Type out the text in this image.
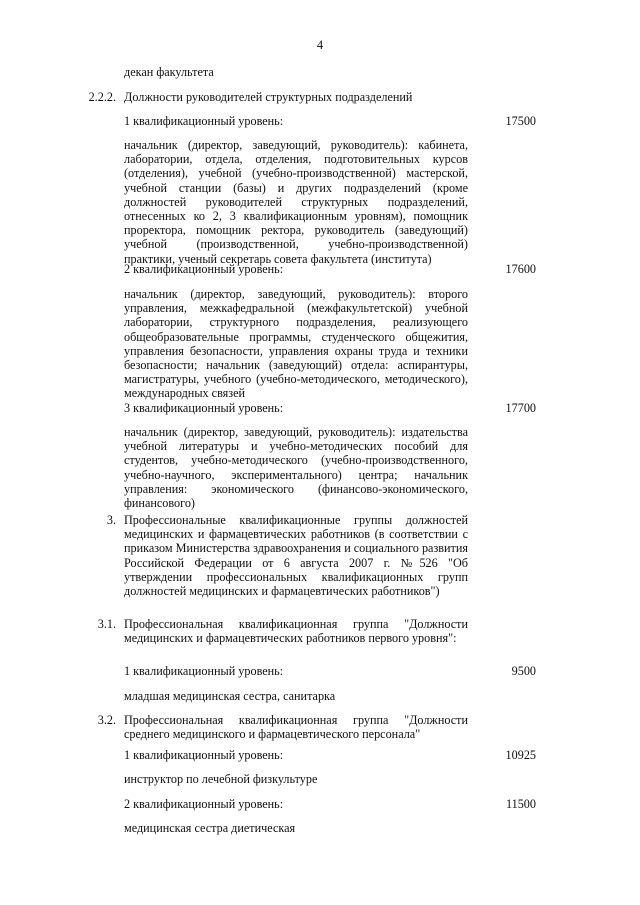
4
декан факультета
2.2.2. Должности руководителей структурных подразделений
1 квалификационный уровень:	17500
начальник (директор, заведующий, руководитель): кабинета, лаборатории, отдела, отделения, подготовительных курсов (отделения), учебной (учебно-производственной) мастерской, учебной станции (базы) и других подразделений (кроме должностей руководителей структурных подразделений, отнесенных ко 2, 3 квалификационным уровням), помощник проректора, помощник ректора, руководитель (заведующий) учебной (производственной, учебно-производственной) практики, ученый секретарь совета факультета (института)
2 квалификационный уровень:	17600
начальник (директор, заведующий, руководитель): второго управления, межкафедральной (межфакультетской) учебной лаборатории, структурного подразделения, реализующего общеобразовательные программы, студенческого общежития, управления безопасности, управления охраны труда и техники безопасности; начальник (заведующий) отдела: аспирантуры, магистратуры, учебного (учебно-методического, методического), международных связей
3 квалификационный уровень:	17700
начальник (директор, заведующий, руководитель): издательства учебной литературы и учебно-методических пособий для студентов, учебно-методического (учебно-производственного, учебно-научного, экспериментального) центра; начальник управления: экономического (финансово-экономического, финансового)
3. Профессиональные квалификационные группы должностей медицинских и фармацевтических работников (в соответствии с приказом Министерства здравоохранения и социального развития Российской Федерации от 6 августа 2007 г. №526 "Об утверждении профессиональных квалификационных групп должностей медицинских и фармацевтических работников")
3.1. Профессиональная квалификационная группа "Должности медицинских и фармацевтических работников первого уровня":
1 квалификационный уровень:	9500
младшая медицинская сестра, санитарка
3.2. Профессиональная квалификационная группа "Должности среднего медицинского и фармацевтического персонала"
1 квалификационный уровень:	10925
инструктор по лечебной физкультуре
2 квалификационный уровень:	11500
медицинская сестра диетическая
